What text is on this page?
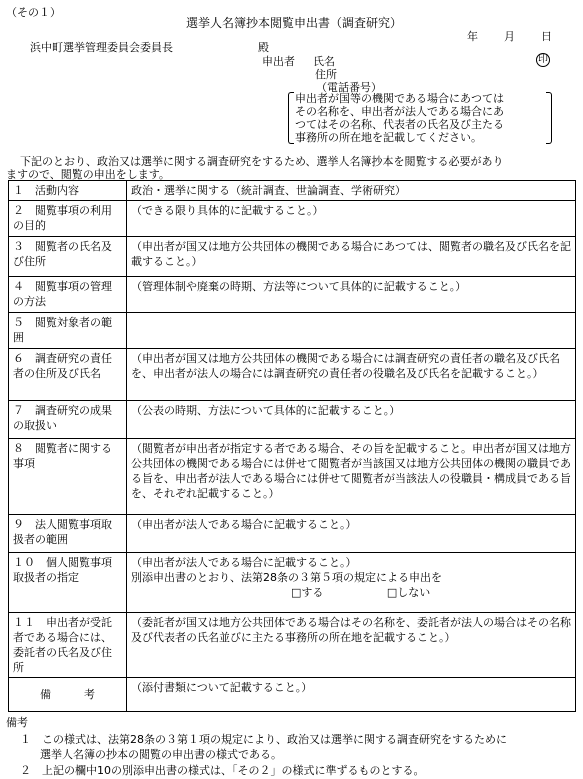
（その１）
選挙人名簿抄本閲覧申出書（調査研究）
年 月 日
浜中町選挙管理委員会委員長	殿
申出者 氏名	印
住所
（電話番号）
申出者が国等の機関である場合にあつては
その名称を、申出者が法人である場合にあ
つてはその名称、代表者の氏名及び主たる
事務所の所在地を記載してください。
下記のとおり、政治又は選挙に関する調査研究をするため、選挙人名簿抄本を閲覧する必要があり
ますので、閲覧の申出をします。
１　活動内容	政治・選挙に関する（統計調査、世論調査、学術研究）
２　閲覧事項の利用の目的	（できる限り具体的に記載すること。）
３　閲覧者の氏名及び住所	（申出者が国又は地方公共団体の機関である場合にあつては、閲覧者の職名及び氏名を記載すること。）
４　閲覧事項の管理の方法	（管理体制や廃棄の時期、方法等について具体的に記載すること。）
５　閲覧対象者の範囲	
６　調査研究の責任者の住所及び氏名	（申出者が国又は地方公共団体の機関である場合には調査研究の責任者の職名及び氏名を、申出者が法人の場合には調査研究の責任者の役職名及び氏名を記載すること。）
７　調査研究の成果の取扱い	（公表の時期、方法について具体的に記載すること。）
８　閲覧者に関する事項	（閲覧者が申出者が指定する者である場合、その旨を記載すること。申出者が国又は地方公共団体の機関である場合には併せて閲覧者が当該国又は地方公共団体の機関の職員である旨を、申出者が法人である場合には併せて閲覧者が当該法人の役職員・構成員である旨を、それぞれ記載すること。）
９　法人閲覧事項取扱者の範囲	（申出者が法人である場合に記載すること。）
１０　個人閲覧事項取扱者の指定	（申出者が法人である場合に記載すること。）
別添申出書のとおり、法第28条の３第５項の規定による申出を
□する □しない

１１　申出者が受託者である場合には、委託者の氏名及び住所	（委託者が国又は地方公共団体である場合はその名称を、委託者が法人の場合はその名称及び代表者の氏名並びに主たる事務所の所在地を記載すること。）
備　　　考	（添付書類について記載すること。）
備考
１　この様式は、法第28条の３第１項の規定により、政治又は選挙に関する調査研究をするために
選挙人名簿の抄本の閲覧の申出書の様式である。
２　上記の欄中10の別添申出書の様式は、「その２」の様式に準ずるものとする。
